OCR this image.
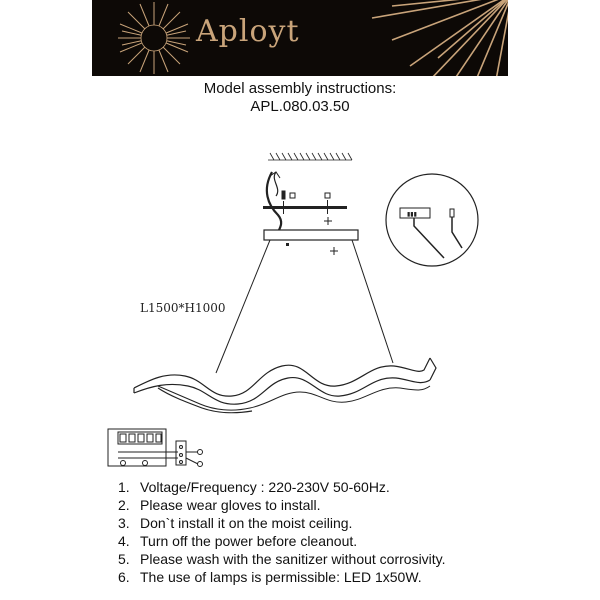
Aployt
Model assembly instructions:
APL.080.03.50
▮▮▮
L1500*H1000
1. Voltage/Frequency : 220-230V 50-60Hz.
2. Please wear gloves to install.
3. Don`t install it on the moist ceiling.
4. Turn off the power before cleanout.
5. Please wash with the sanitizer without corrosivity.
6. The use of lamps is permissible: LED 1x50W.
